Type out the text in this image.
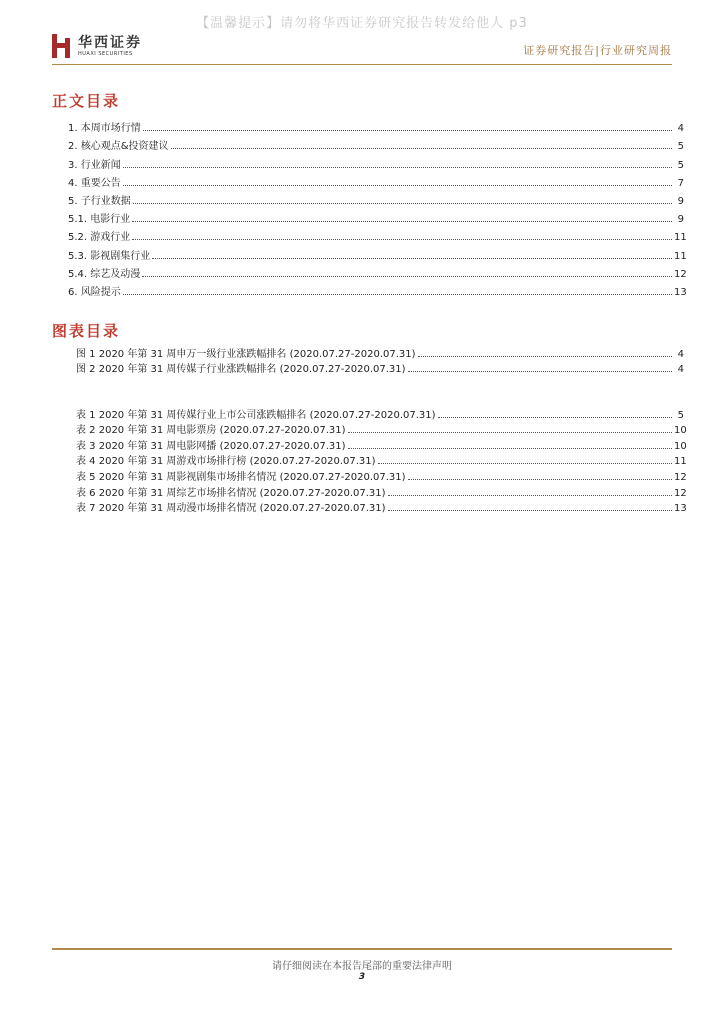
【温馨提示】请勿将华西证券研究报告转发给他人 p3
华西证券
HUAXI SECURITIES	证券研究报告|行业研究周报
正文目录
1. 本周市场行情	4
2. 核心观点&投资建议	5
3. 行业新闻	5
4. 重要公告	7
5. 子行业数据	9
5.1. 电影行业	9
5.2. 游戏行业	11
5.3. 影视剧集行业	11
5.4. 综艺及动漫	12
6. 风险提示	13
图表目录
图 1 2020 年第 31 周申万一级行业涨跌幅排名 (2020.07.27-2020.07.31)	4
图 2 2020 年第 31 周传媒子行业涨跌幅排名 (2020.07.27-2020.07.31)	4
表 1 2020 年第 31 周传媒行业上市公司涨跌幅排名 (2020.07.27-2020.07.31)	5
表 2 2020 年第 31 周电影票房 (2020.07.27-2020.07.31)	10
表 3 2020 年第 31 周电影网播 (2020.07.27-2020.07.31)	10
表 4 2020 年第 31 周游戏市场排行榜 (2020.07.27-2020.07.31)	11
表 5 2020 年第 31 周影视剧集市场排名情况 (2020.07.27-2020.07.31)	12
表 6 2020 年第 31 周综艺市场排名情况 (2020.07.27-2020.07.31)	12
表 7 2020 年第 31 周动漫市场排名情况 (2020.07.27-2020.07.31)	13
请仔细阅读在本报告尾部的重要法律声明
3
